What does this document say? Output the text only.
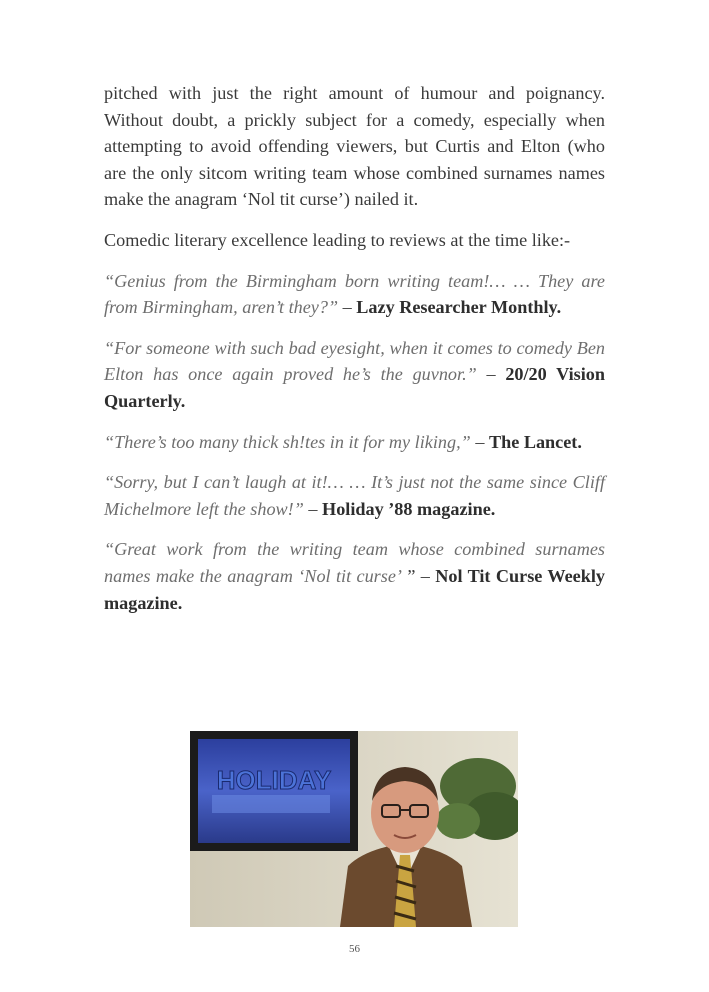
pitched with just the right amount of humour and poignancy. Without doubt, a prickly subject for a comedy, especially when attempting to avoid offending viewers, but Curtis and Elton (who are the only sitcom writing team whose combined surnames names make the anagram ‘Nol tit curse’) nailed it.

Comedic literary excellence leading to reviews at the time like:-

“Genius from the Birmingham born writing team!… … They are from Birmingham, aren’t they?” – Lazy Researcher Monthly.

“For someone with such bad eyesight, when it comes to comedy Ben Elton has once again proved he’s the guvnor.” – 20/20 Vision Quarterly.

“There’s too many thick sh!tes in it for my liking,” – The Lancet.

“Sorry, but I can’t laugh at it!… … It’s just not the same since Cliff Michelmore left the show!” – Holiday ’88 magazine.

“Great work from the writing team whose combined surnames names make the anagram ‘Nol tit curse’ ” – Nol Tit Curse Weekly magazine.

HOLIDAY
56
